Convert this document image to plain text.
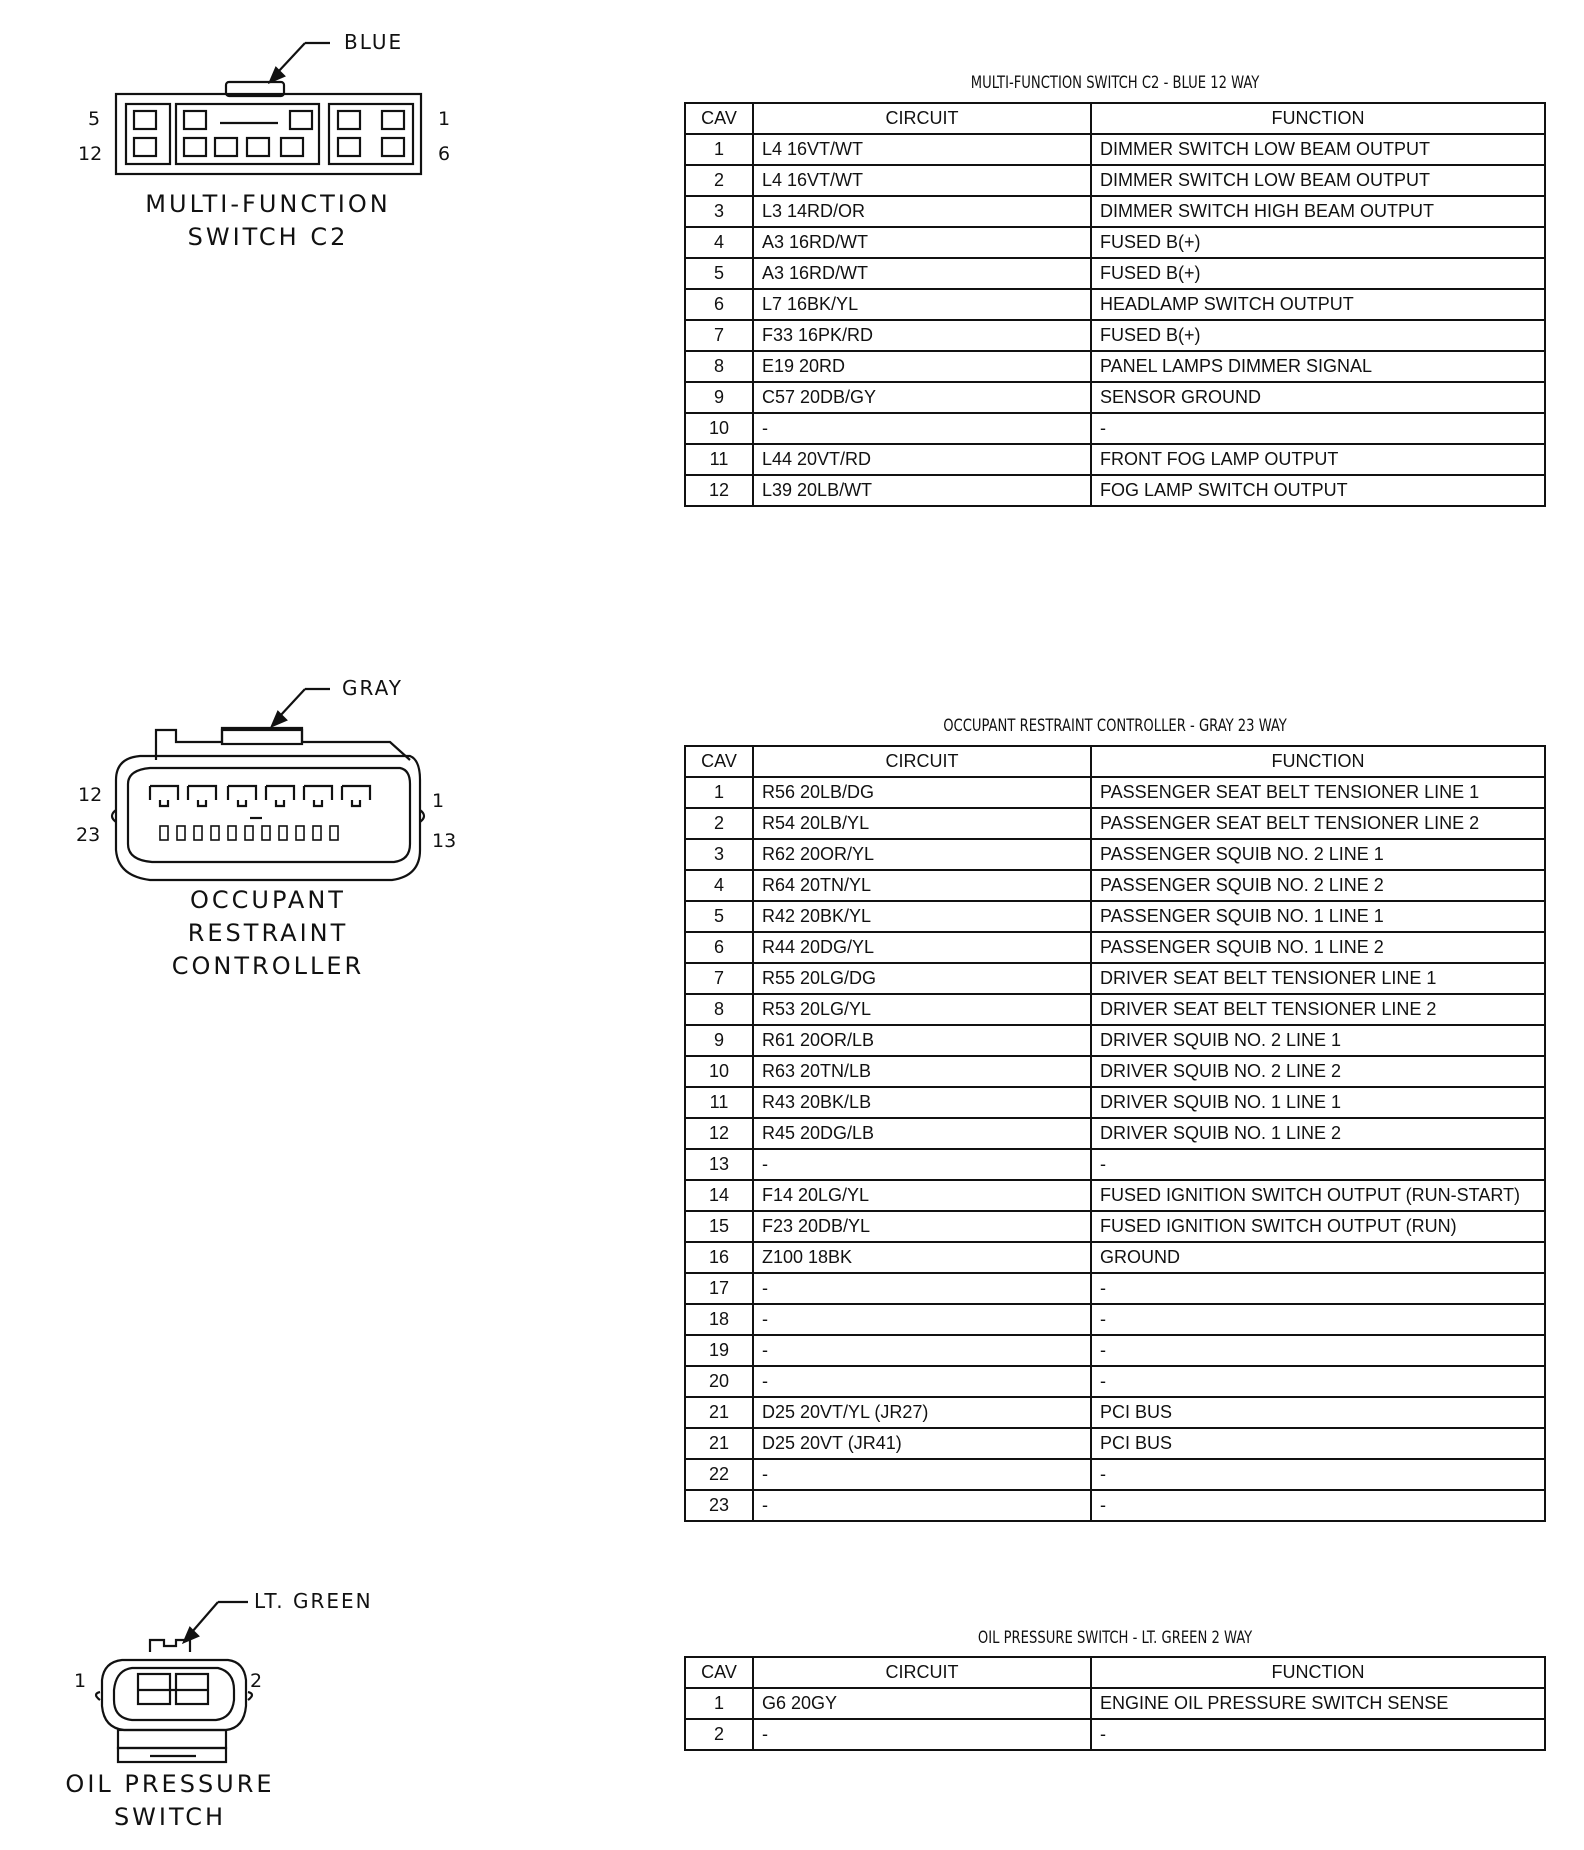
BLUE
5
12
1
6
MULTI-FUNCTION
SWITCH C2
GRAY
12
23
1
13
OCCUPANT
RESTRAINT
CONTROLLER
LT. GREEN
1	2
OIL PRESSURE
SWITCH
MULTI-FUNCTION SWITCH C2 - BLUE 12 WAY
CAV	CIRCUIT	FUNCTION
1	L4 16VT/WT	DIMMER SWITCH LOW BEAM OUTPUT
2	L4 16VT/WT	DIMMER SWITCH LOW BEAM OUTPUT
3	L3 14RD/OR	DIMMER SWITCH HIGH BEAM OUTPUT
4	A3 16RD/WT	FUSED B(+)
5	A3 16RD/WT	FUSED B(+)
6	L7 16BK/YL	HEADLAMP SWITCH OUTPUT
7	F33 16PK/RD	FUSED B(+)
8	E19 20RD	PANEL LAMPS DIMMER SIGNAL
9	C57 20DB/GY	SENSOR GROUND
10	-	-
11	L44 20VT/RD	FRONT FOG LAMP OUTPUT
12	L39 20LB/WT	FOG LAMP SWITCH OUTPUT
OCCUPANT RESTRAINT CONTROLLER - GRAY 23 WAY
CAV	CIRCUIT	FUNCTION
1	R56 20LB/DG	PASSENGER SEAT BELT TENSIONER LINE 1
2	R54 20LB/YL	PASSENGER SEAT BELT TENSIONER LINE 2
3	R62 20OR/YL	PASSENGER SQUIB NO. 2 LINE 1
4	R64 20TN/YL	PASSENGER SQUIB NO. 2 LINE 2
5	R42 20BK/YL	PASSENGER SQUIB NO. 1 LINE 1
6	R44 20DG/YL	PASSENGER SQUIB NO. 1 LINE 2
7	R55 20LG/DG	DRIVER SEAT BELT TENSIONER LINE 1
8	R53 20LG/YL	DRIVER SEAT BELT TENSIONER LINE 2
9	R61 20OR/LB	DRIVER SQUIB NO. 2 LINE 1
10	R63 20TN/LB	DRIVER SQUIB NO. 2 LINE 2
11	R43 20BK/LB	DRIVER SQUIB NO. 1 LINE 1
12	R45 20DG/LB	DRIVER SQUIB NO. 1 LINE 2
13	-	-
14	F14 20LG/YL	FUSED IGNITION SWITCH OUTPUT (RUN-START)
15	F23 20DB/YL	FUSED IGNITION SWITCH OUTPUT (RUN)
16	Z100 18BK	GROUND
17	-	-
18	-	-
19	-	-
20	-	-
21	D25 20VT/YL (JR27)	PCI BUS
21	D25 20VT (JR41)	PCI BUS
22	-	-
23	-	-
OIL PRESSURE SWITCH - LT. GREEN 2 WAY
CAV	CIRCUIT	FUNCTION
1	G6 20GY	ENGINE OIL PRESSURE SWITCH SENSE
2	-	-
